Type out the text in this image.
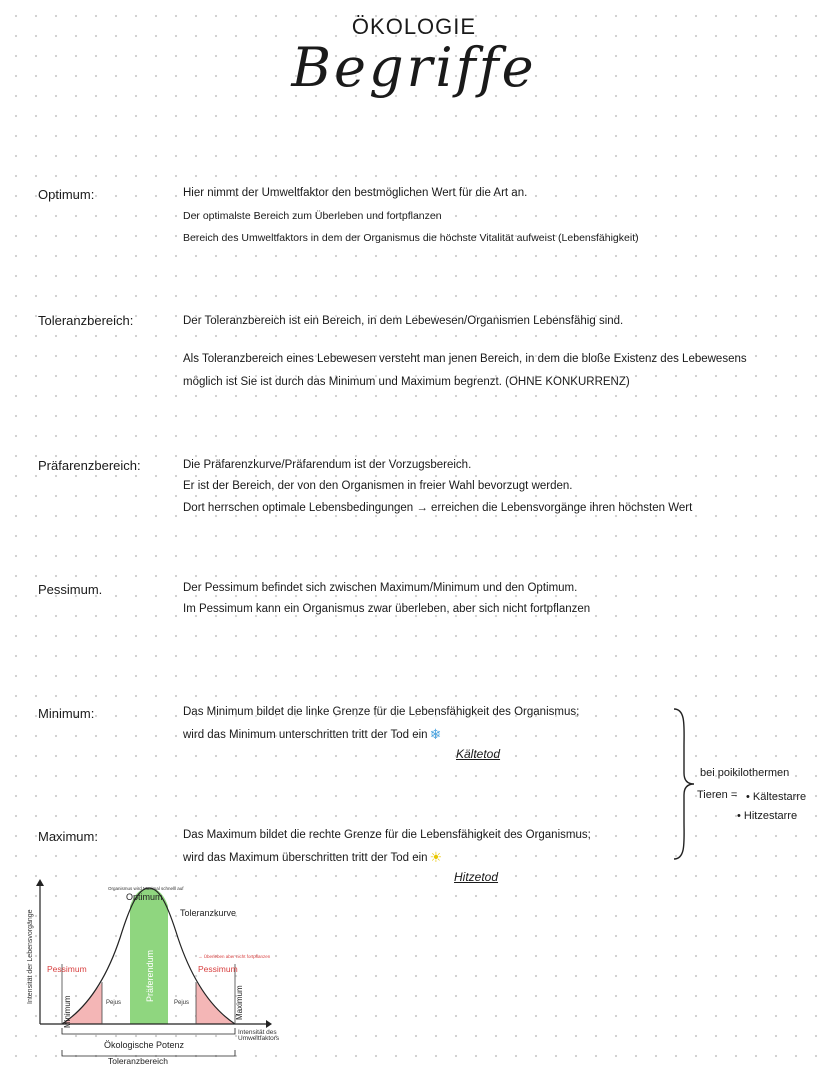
ÖKOLOGIE
Begriffe
Optimum:	Hier nimmt der Umweltfaktor den bestmöglichen Wert für die Art an.
Der optimalste Bereich zum Überleben und fortpflanzen
Bereich des Umweltfaktors in dem der Organismus die höchste Vitalität aufweist (Lebensfähigkeit)
Toleranzbereich:	Der Toleranzbereich ist ein Bereich, in dem Lebewesen/Organismen Lebensfähig sind.
Als Toleranzbereich eines Lebewesen versteht man jenen Bereich, in dem die bloße Existenz des Lebewesens
möglich ist Sie ist durch das Minimum und Maximum begrenzt. (OHNE KONKURRENZ)
Präfarenzbereich:	Die Präfarenzkurve/Präfarendum ist der Vorzugsbereich.
Er ist der Bereich, der von den Organismen in freier Wahl bevorzugt werden.
Dort herrschen optimale Lebensbedingungen → erreichen die Lebensvorgänge ihren höchsten Wert
Pessimum.	Der Pessimum befindet sich zwischen Maximum/Minimum und den Optimum.
Im Pessimum kann ein Organismus zwar überleben, aber sich nicht fortpflanzen
Minimum:	Das Minimum bildet die linke Grenze für die Lebensfähigkeit des Organismus;
wird das Minimum unterschritten tritt der Tod ein ❄
Kältetod
Maximum:	Das Maximum bildet die rechte Grenze für die Lebensfähigkeit des Organismus;
wird das Maximum überschritten tritt der Tod ein ☀
Hitzetod
bei poikilothermen
Tieren = • Kältestarre
• Hitzestarre
Intensität der Lebensvorgänge
Intensität des
Umweltfaktors
Organismus wird Maximal schnelll auf
Optimum
Toleranzkurve
Pessimum	Pessimum
→ Überleben aber nicht fortpflanzen
Minimum	Maximum
Präferendum
Pejus	Pejus
Ökologische Potenz
Toleranzbereich
